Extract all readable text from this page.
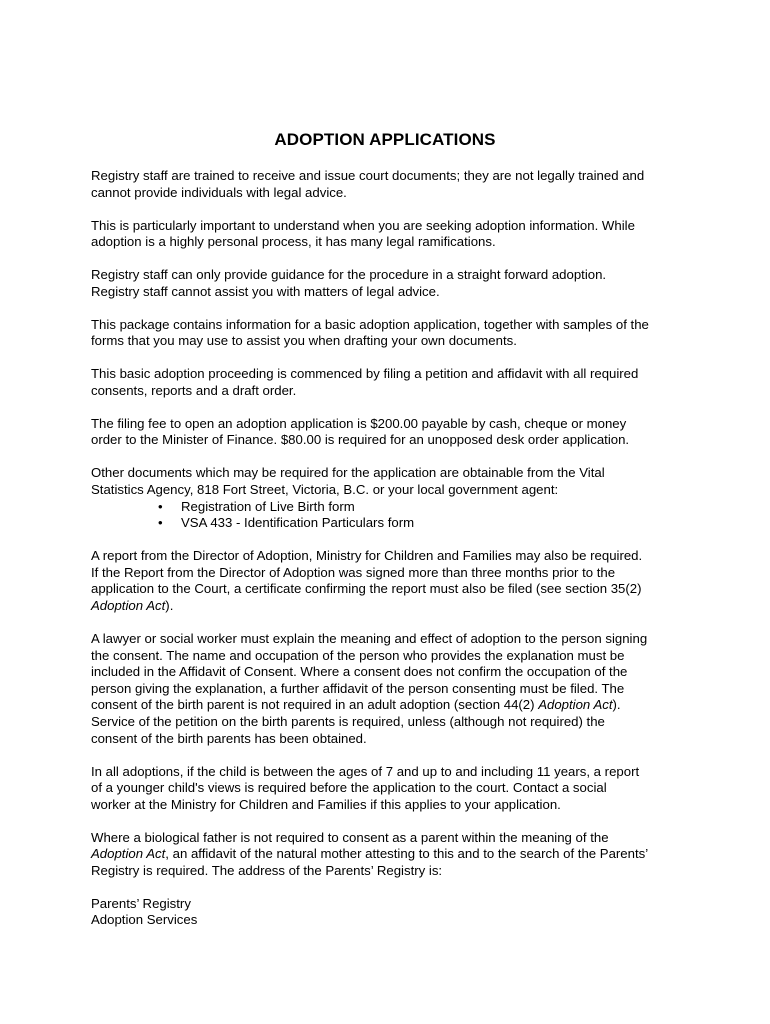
ADOPTION APPLICATIONS

Registry staff are trained to receive and issue court documents; they are not legally trained and
cannot provide individuals with legal advice.

This is particularly important to understand when you are seeking adoption information. While
adoption is a highly personal process, it has many legal ramifications.

Registry staff can only provide guidance for the procedure in a straight forward adoption.
Registry staff cannot assist you with matters of legal advice.

This package contains information for a basic adoption application, together with samples of the
forms that you may use to assist you when drafting your own documents.

This basic adoption proceeding is commenced by filing a petition and affidavit with all required
consents, reports and a draft order.

The filing fee to open an adoption application is $200.00 payable by cash, cheque or money
order to the Minister of Finance. $80.00 is required for an unopposed desk order application.

Other documents which may be required for the application are obtainable from the Vital
Statistics Agency, 818 Fort Street, Victoria, B.C. or your local government agent:
• Registration of Live Birth form
• VSA 433 - Identification Particulars form

A report from the Director of Adoption, Ministry for Children and Families may also be required.
If the Report from the Director of Adoption was signed more than three months prior to the
application to the Court, a certificate confirming the report must also be filed (see section 35(2)
Adoption Act).

A lawyer or social worker must explain the meaning and effect of adoption to the person signing
the consent. The name and occupation of the person who provides the explanation must be
included in the Affidavit of Consent. Where a consent does not confirm the occupation of the
person giving the explanation, a further affidavit of the person consenting must be filed. The
consent of the birth parent is not required in an adult adoption (section 44(2) Adoption Act).
Service of the petition on the birth parents is required, unless (although not required) the
consent of the birth parents has been obtained.

In all adoptions, if the child is between the ages of 7 and up to and including 11 years, a report
of a younger child's views is required before the application to the court. Contact a social
worker at the Ministry for Children and Families if this applies to your application.

Where a biological father is not required to consent as a parent within the meaning of the
Adoption Act, an affidavit of the natural mother attesting to this and to the search of the Parents’
Registry is required. The address of the Parents’ Registry is:

Parents’ Registry
Adoption Services
